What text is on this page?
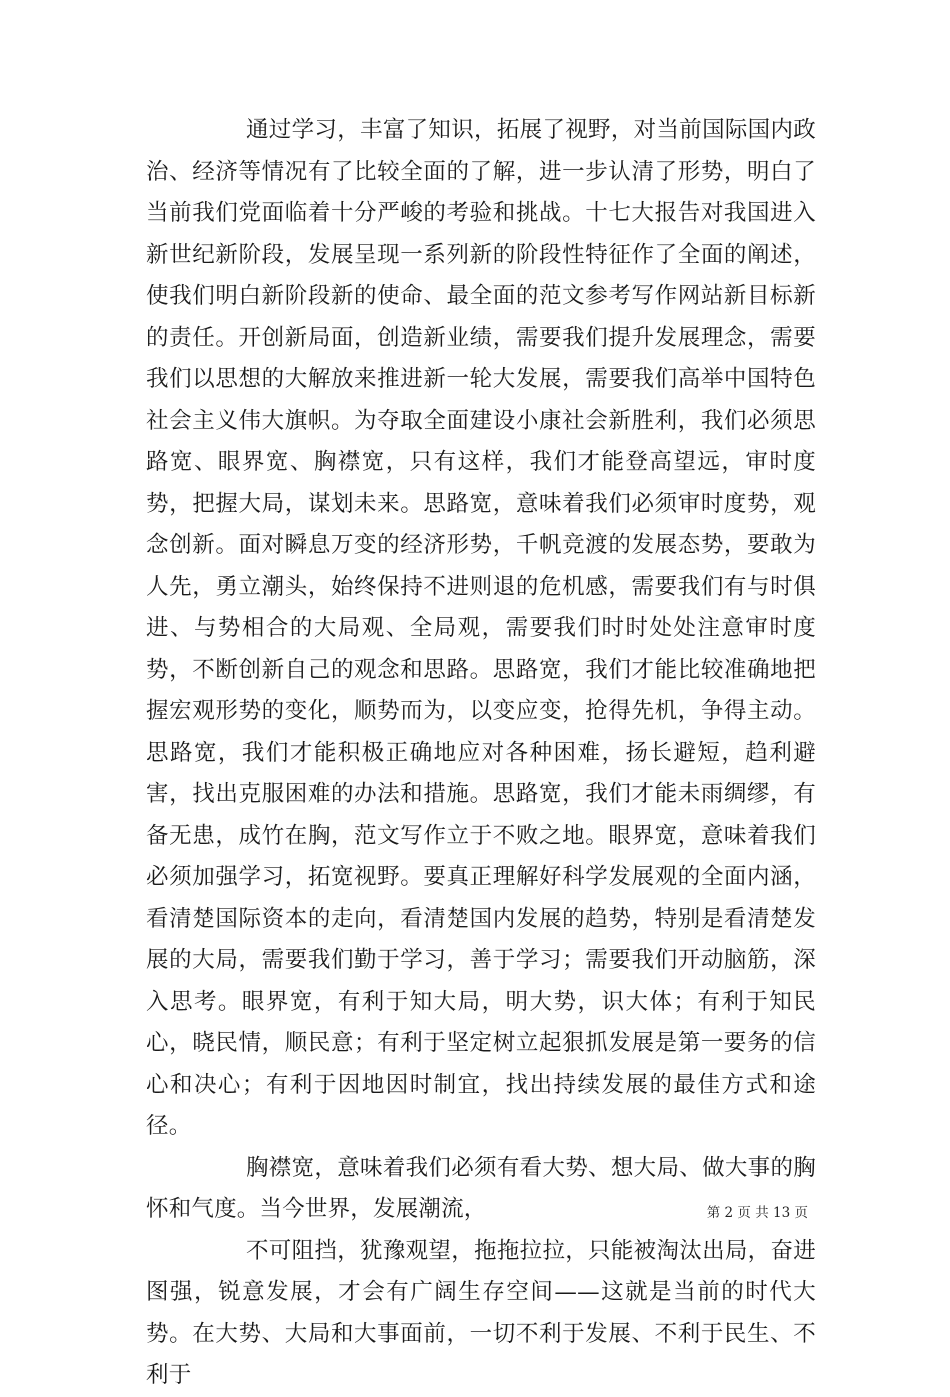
通过学习，丰富了知识，拓展了视野，对当前国际国内政治、经济等情况有了比较全面的了解，进一步认清了形势，明白了当前我们党面临着十分严峻的考验和挑战。十七大报告对我国进入新世纪新阶段，发展呈现一系列新的阶段性特征作了全面的阐述，使我们明白新阶段新的使命、最全面的范文参考写作网站新目标新的责任。开创新局面，创造新业绩，需要我们提升发展理念，需要我们以思想的大解放来推进新一轮大发展，需要我们高举中国特色社会主义伟大旗帜。为夺取全面建设小康社会新胜利，我们必须思路宽、眼界宽、胸襟宽，只有这样，我们才能登高望远，审时度势，把握大局，谋划未来。思路宽，意味着我们必须审时度势，观念创新。面对瞬息万变的经济形势，千帆竞渡的发展态势，要敢为人先，勇立潮头，始终保持不进则退的危机感，需要我们有与时俱进、与势相合的大局观、全局观，需要我们时时处处注意审时度势，不断创新自己的观念和思路。思路宽，我们才能比较准确地把握宏观形势的变化，顺势而为，以变应变，抢得先机，争得主动。思路宽，我们才能积极正确地应对各种困难，扬长避短，趋利避害，找出克服困难的办法和措施。思路宽，我们才能未雨绸缪，有备无患，成竹在胸，范文写作立于不败之地。眼界宽，意味着我们必须加强学习，拓宽视野。要真正理解好科学发展观的全面内涵，看清楚国际资本的走向，看清楚国内发展的趋势，特别是看清楚发展的大局，需要我们勤于学习，善于学习；需要我们开动脑筋，深入思考。眼界宽，有利于知大局，明大势，识大体；有利于知民心，晓民情，顺民意；有利于坚定树立起狠抓发展是第一要务的信心和决心；有利于因地因时制宜，找出持续发展的最佳方式和途径。

胸襟宽，意味着我们必须有看大势、想大局、做大事的胸怀和气度。当今世界，发展潮流，

不可阻挡，犹豫观望，拖拖拉拉，只能被淘汰出局，奋进图强，锐意发展，才会有广阔生存空间——这就是当前的时代大势。在大势、大局和大事面前，一切不利于发展、不利于民生、不利于

第 2 页 共 13 页
